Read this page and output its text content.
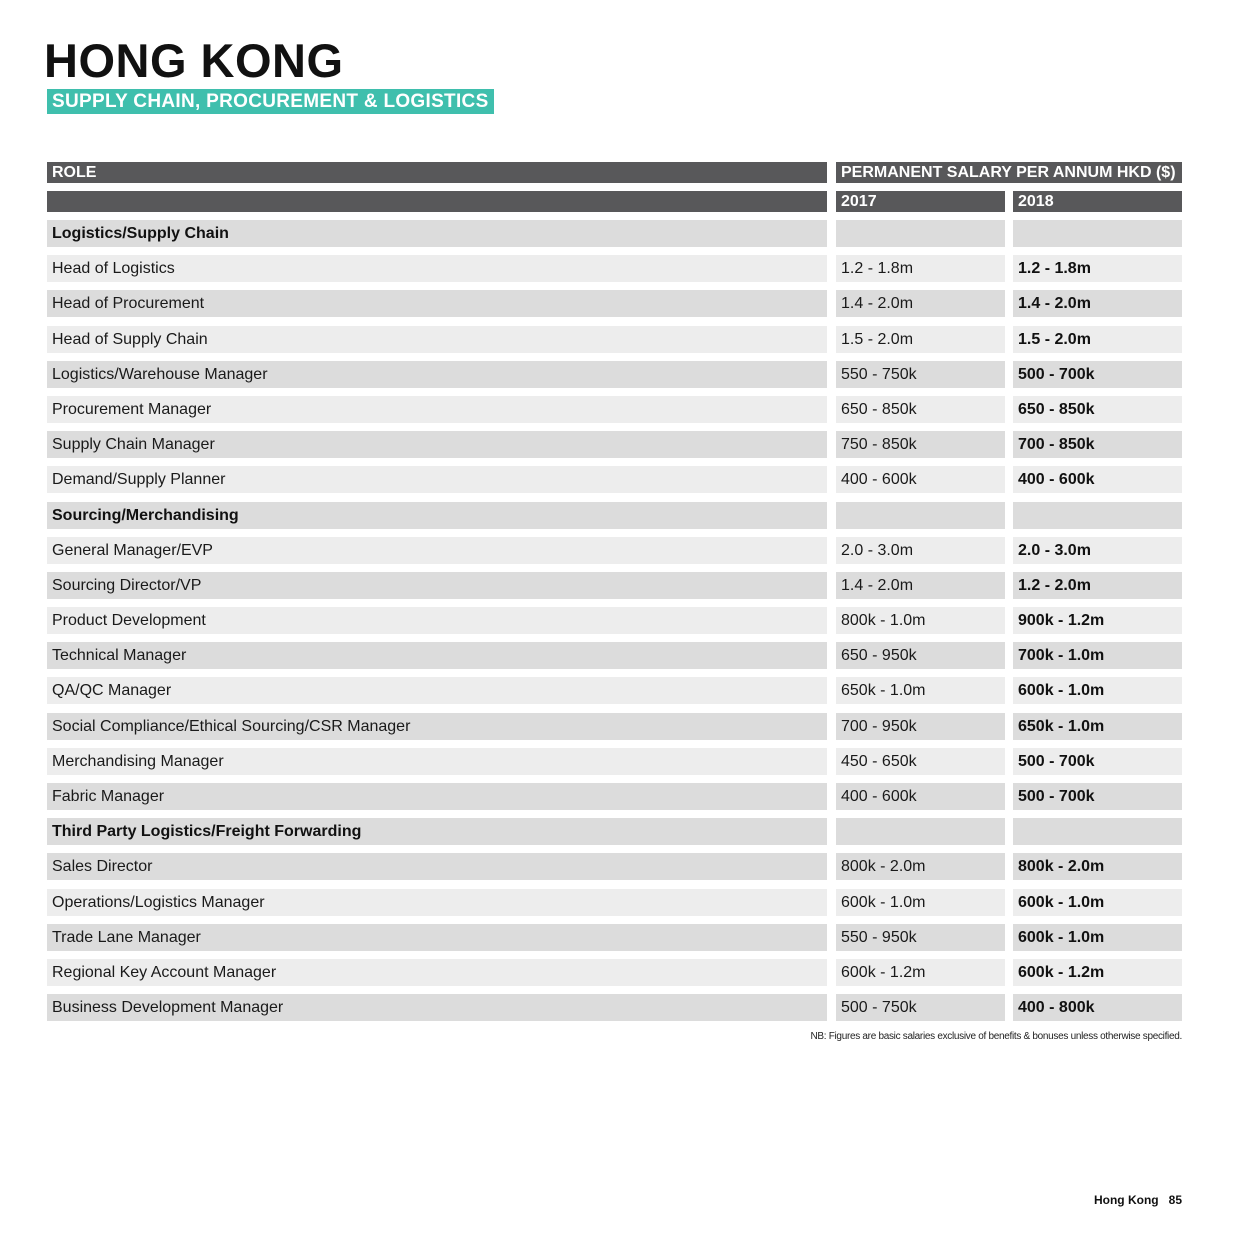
HONG KONG
SUPPLY CHAIN, PROCUREMENT & LOGISTICS
ROLE	PERMANENT SALARY PER ANNUM HKD ($)
2017	2018
Logistics/Supply Chain
Head of Logistics	1.2 - 1.8m	1.2 - 1.8m
Head of Procurement	1.4 - 2.0m	1.4 - 2.0m
Head of Supply Chain	1.5 - 2.0m	1.5 - 2.0m
Logistics/Warehouse Manager	550 - 750k	500 - 700k
Procurement Manager	650 - 850k	650 - 850k
Supply Chain Manager	750 - 850k	700 - 850k
Demand/Supply Planner	400 - 600k	400 - 600k
Sourcing/Merchandising
General Manager/EVP	2.0 - 3.0m	2.0 - 3.0m
Sourcing Director/VP	1.4 - 2.0m	1.2 - 2.0m
Product Development	800k - 1.0m	900k - 1.2m
Technical Manager	650 - 950k	700k - 1.0m
QA/QC Manager	650k - 1.0m	600k - 1.0m
Social Compliance/Ethical Sourcing/CSR Manager	700 - 950k	650k - 1.0m
Merchandising Manager	450 - 650k	500 - 700k
Fabric Manager	400 - 600k	500 - 700k
Third Party Logistics/Freight Forwarding
Sales Director	800k - 2.0m	800k - 2.0m
Operations/Logistics Manager	600k - 1.0m	600k - 1.0m
Trade Lane Manager	550 - 950k	600k - 1.0m
Regional Key Account Manager	600k - 1.2m	600k - 1.2m
Business Development Manager	500 - 750k	400 - 800k
NB: Figures are basic salaries exclusive of benefits & bonuses unless otherwise specified.
Hong Kong 85
